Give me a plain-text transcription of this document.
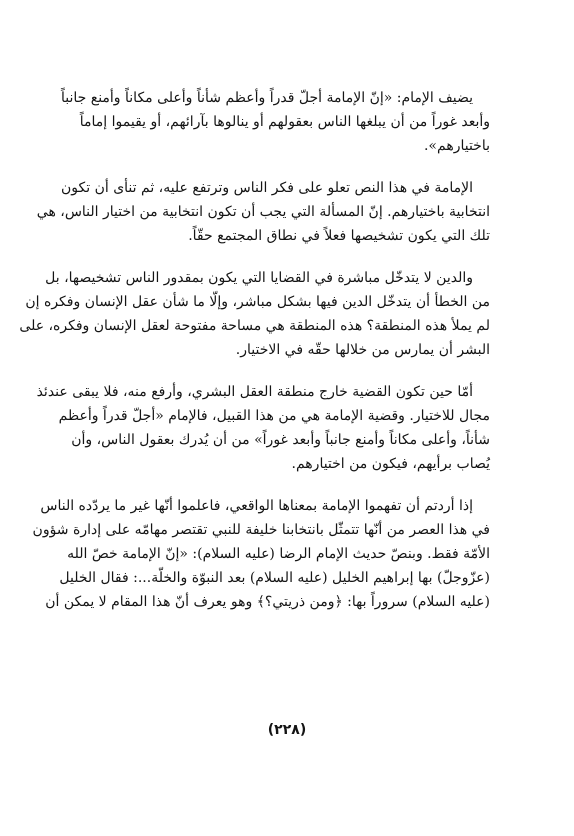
يضيف الإمام: «إنّ الإمامة أجلّ قدراً وأعظم شأناً وأعلى مكاناً وأمنع جانباً
وأبعد غوراً من أن يبلغها الناس بعقولهم أو ينالوها بآرائهم، أو يقيموا إماماً
باختيارهم».
الإمامة في هذا النص تعلو على فكر الناس وترتفع عليه، ثم تنأى أن تكون
انتخابية باختيارهم. إنّ المسألة التي يجب أن تكون انتخابية من اختيار الناس، هي
تلك التي يكون تشخيصها فعلاً في نطاق المجتمع حقّاً.
والدين لا يتدخّل مباشرة في القضايا التي يكون بمقدور الناس تشخيصها، بل
من الخطأ أن يتدخّل الدين فيها بشكل مباشر، وإلّا ما شأن عقل الإنسان وفكره إن
لم يملأ هذه المنطقة؟ هذه المنطقة هي مساحة مفتوحة لعقل الإنسان وفكره، على
البشر أن يمارس من خلالها حقّه في الاختيار.
أمّا حين تكون القضية خارج منطقة العقل البشري، وأرفع منه، فلا يبقى عندئذ
مجال للاختيار. وقضية الإمامة هي من هذا القبيل، فالإمام «أجلّ قدراً وأعظم
شأناً، وأعلى مكاناً وأمنع جانباً وأبعد غوراً» من أن يُدرك بعقول الناس، وأن
يُصاب برأيهم، فيكون من اختيارهم.
إذا أردتم أن تفهموا الإمامة بمعناها الواقعي، فاعلموا أنّها غير ما يردّده الناس
في هذا العصر من أنّها تتمثّل بانتخابنا خليفة للنبي تقتصر مهامّه على إدارة شؤون
الأمّة فقط. وبنصّ حديث الإمام الرضا (عليه السلام): «إنّ الإمامة خصّ الله
(عزّوجلّ) بها إبراهيم الخليل (عليه السلام) بعد النبوّة والخلّة...: فقال الخليل
(عليه السلام) سروراً بها: ﴿ومن ذريتي؟﴾ وهو يعرف أنّ هذا المقام لا يمكن أن
(٢٢٨)
